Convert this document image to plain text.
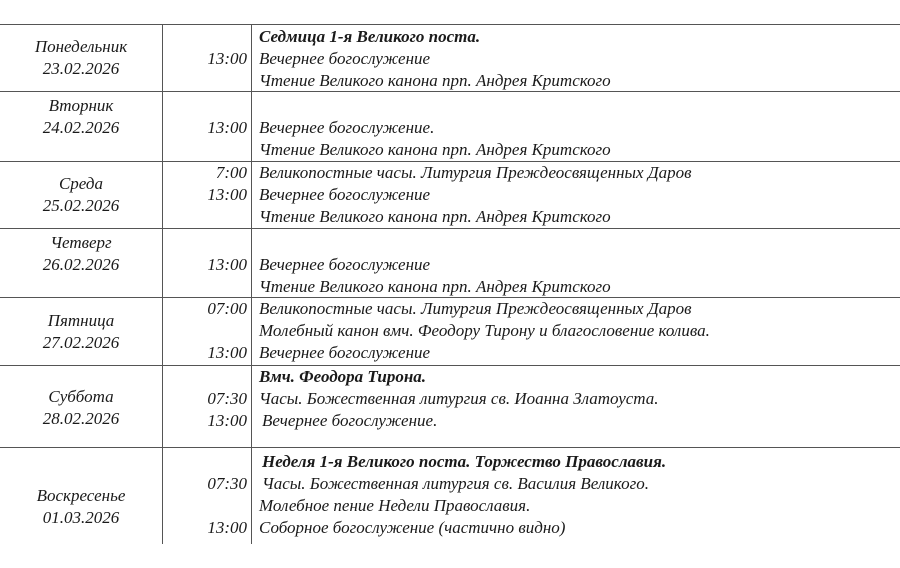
Понедельник
23.02.2026
13:00
Седмица 1-я Великого поста.
Вечернее богослужение
Чтение Великого канона прп. Андрея Критского
Вторник
24.02.2026	13:00 Вечернее богослужение.
Чтение Великого канона прп. Андрея Критского
Среда
25.02.2026
7:00
13:00
Великопостные часы. Литургия Преждеосвященных Даров
Вечернее богослужение
Чтение Великого канона прп. Андрея Критского
Четверг
26.02.2026	13:00 Вечернее богослужение
Чтение Великого канона прп. Андрея Критского
Пятница
27.02.2026
07:00
13:00
Великопостные часы. Литургия Преждеосвященных Даров
Молебный канон вмч. Феодору Тирону и благословение колива.
Вечернее богослужение
Суббота
28.02.2026
07:30
13:00
Вмч. Феодора Тирона.
Часы. Божественная литургия св. Иоанна Златоуста.
Вечернее богослужение.
Воскресенье
01.03.2026
07:30
13:00
Неделя 1-я Великого поста. Торжество Православия.
Часы. Божественная литургия св. Василия Великого.
Молебное пение Недели Православия.
Соборное богослужение (частично видно)
